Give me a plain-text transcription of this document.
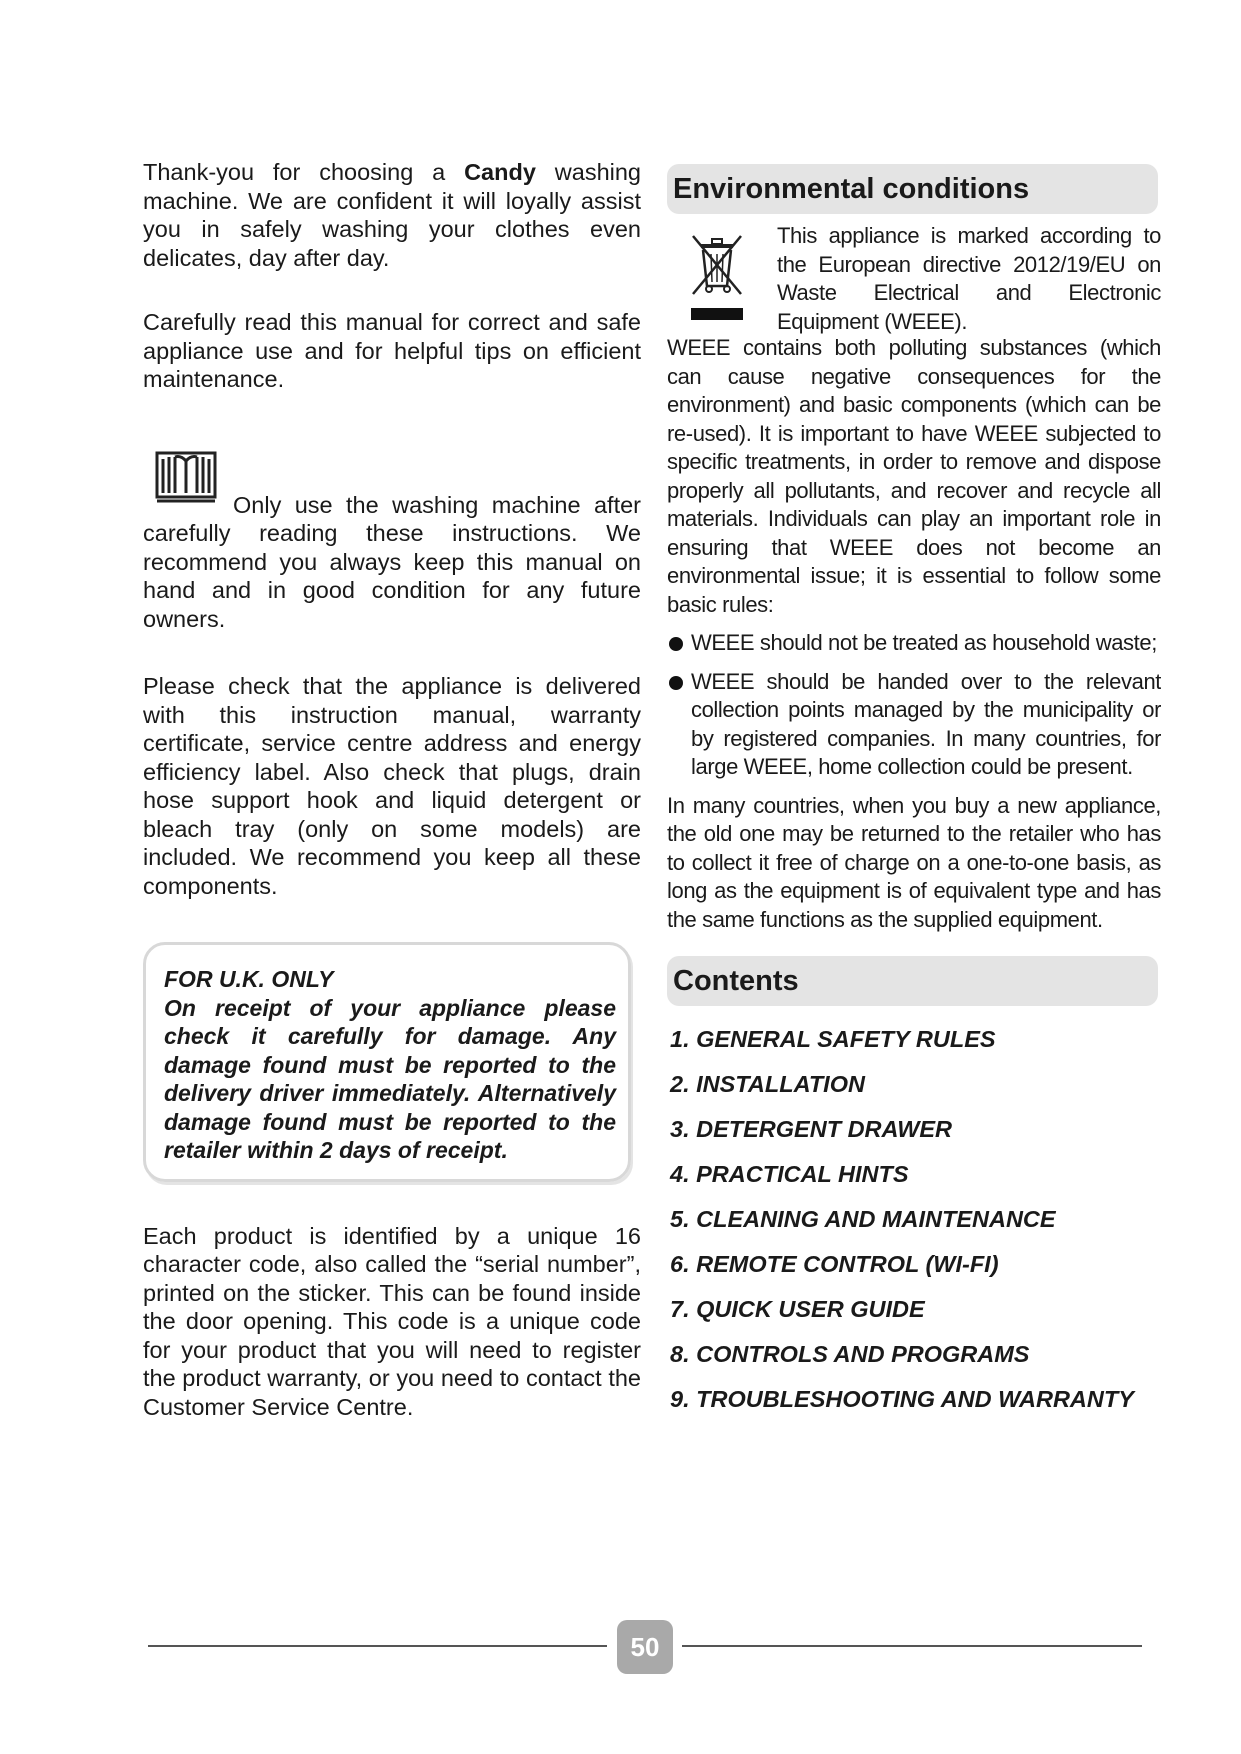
Thank-you for choosing a Candy washing machine. We are confident it will loyally assist you in safely washing your clothes even delicates, day after day.

Carefully read this manual for correct and safe appliance use and for helpful tips on efficient maintenance.

Only use the washing machine after carefully reading these instructions. We recommend you always keep this manual on hand and in good condition for any future owners.

Please check that the appliance is delivered with this instruction manual, warranty certificate, service centre address and energy efficiency label. Also check that plugs, drain hose support hook and liquid detergent or bleach tray (only on some models) are included. We recommend you keep all these components.

FOR U.K. ONLY

On receipt of your appliance please check it carefully for damage. Any damage found must be reported to the delivery driver immediately. Alternatively damage found must be reported to the retailer within 2 days of receipt.

Each product is identified by a unique 16 character code, also called the “serial number”, printed on the sticker. This can be found inside the door opening. This code is a unique code for your product that you will need to register the product warranty, or you need to contact the Customer Service Centre.

Environmental conditions
This appliance is marked according to the European directive 2012/19/EU on Waste Electrical and Electronic Equipment (WEEE).

WEEE contains both polluting substances (which can cause negative consequences for the environment) and basic components (which can be re-used). It is important to have WEEE subjected to specific treatments, in order to remove and dispose properly all pollutants, and recover and recycle all materials. Individuals can play an important role in ensuring that WEEE does not become an environmental issue; it is essential to follow some basic rules:

WEEE should not be treated as household waste;
WEEE should be handed over to the relevant collection points managed by the municipality or by registered companies. In many countries, for large WEEE, home collection could be present.

In many countries, when you buy a new appliance, the old one may be returned to the retailer who has to collect it free of charge on a one-to-one basis, as long as the equipment is of equivalent type and has the same functions as the supplied equipment.

Contents
1. GENERAL SAFETY RULES
2. INSTALLATION
3. DETERGENT DRAWER
4. PRACTICAL HINTS
5. CLEANING AND MAINTENANCE
6. REMOTE CONTROL (WI-FI)
7. QUICK USER GUIDE
8. CONTROLS AND PROGRAMS
9. TROUBLESHOOTING AND WARRANTY
50
